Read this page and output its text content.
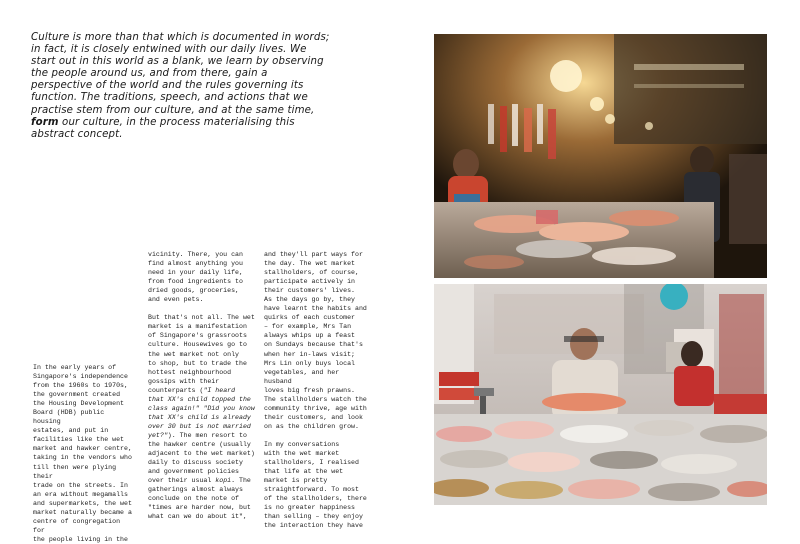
Culture is more than that which is documented in words; in fact, it is closely entwined with our daily lives. We start out in this world as a blank, we learn by observing the people around us, and from there, gain a perspective of the world and the rules governing its function. The traditions, speech, and actions that we practise stem from our culture, and at the same time, form our culture, in the process materialising this abstract concept.
In the early years of
Singapore's independence
from the 1960s to 1970s,
the government created
the Housing Development
Board (HDB) public housing
estates, and put in
facilities like the wet
market and hawker centre,
taking in the vendors who
till then were plying their
trade on the streets. In
an era without megamalls
and supermarkets, the wet
market naturally became a
centre of congregation for
the people living in the
vicinity. There, you can
find almost anything you
need in your daily life,
from food ingredients to
dried goods, groceries,
and even pets.

But that's not all. The wet
market is a manifestation
of Singapore's grassroots
culture. Housewives go to
the wet market not only
to shop, but to trade the
hottest neighbourhood
gossips with their
counterparts ("I heard
that XX's child topped the
class again!" "Did you know
that XX's child is already
over 30 but is not married
yet?"). The men resort to
the hawker centre (usually
adjacent to the wet market)
daily to discuss society
and government policies
over their usual kopi. The
gatherings almost always
conclude on the note of
"times are harder now, but
what can we do about it",
and they'll part ways for
the day. The wet market
stallholders, of course,
participate actively in
their customers' lives.
As the days go by, they
have learnt the habits and
quirks of each customer
– for example, Mrs Tan
always whips up a feast
on Sundays because that's
when her in-laws visit;
Mrs Lin only buys local
vegetables, and her husband
loves big fresh prawns.
The stallholders watch the
community thrive, age with
their customers, and look
on as the children grow.

In my conversations
with the wet market
stallholders, I realised
that life at the wet
market is pretty
straightforward. To most
of the stallholders, there
is no greater happiness
than selling – they enjoy
the interaction they have
